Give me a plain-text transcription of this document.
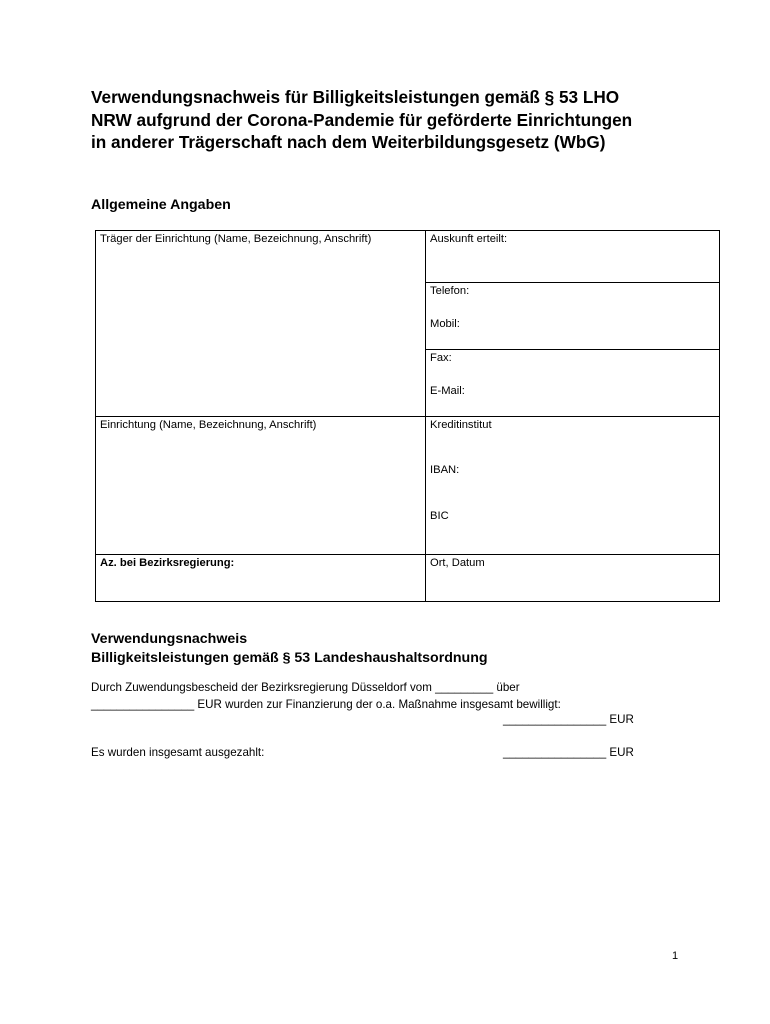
Verwendungsnachweis für Billigkeitsleistungen gemäß § 53 LHO
NRW aufgrund der Corona-Pandemie für geförderte Einrichtungen
in anderer Trägerschaft nach dem Weiterbildungsgesetz (WbG)
Allgemeine Angaben
Träger der Einrichtung (Name, Bezeichnung, Anschrift)	Auskunft erteilt:

	Telefon:
Mobil:

	Fax:
E-Mail:

Einrichtung (Name, Bezeichnung, Anschrift)	Kreditinstitut
IBAN:
BIC

Az. bei Bezirksregierung:	Ort, Datum
Verwendungsnachweis
Billigkeitsleistungen gemäß § 53 Landeshaushaltsordnung
Durch Zuwendungsbescheid der Bezirksregierung Düsseldorf vom _________ über
________________ EUR wurden zur Finanzierung der o.a. Maßnahme insgesamt bewilligt:
________________ EUR
Es wurden insgesamt ausgezahlt:	________________ EUR
1
